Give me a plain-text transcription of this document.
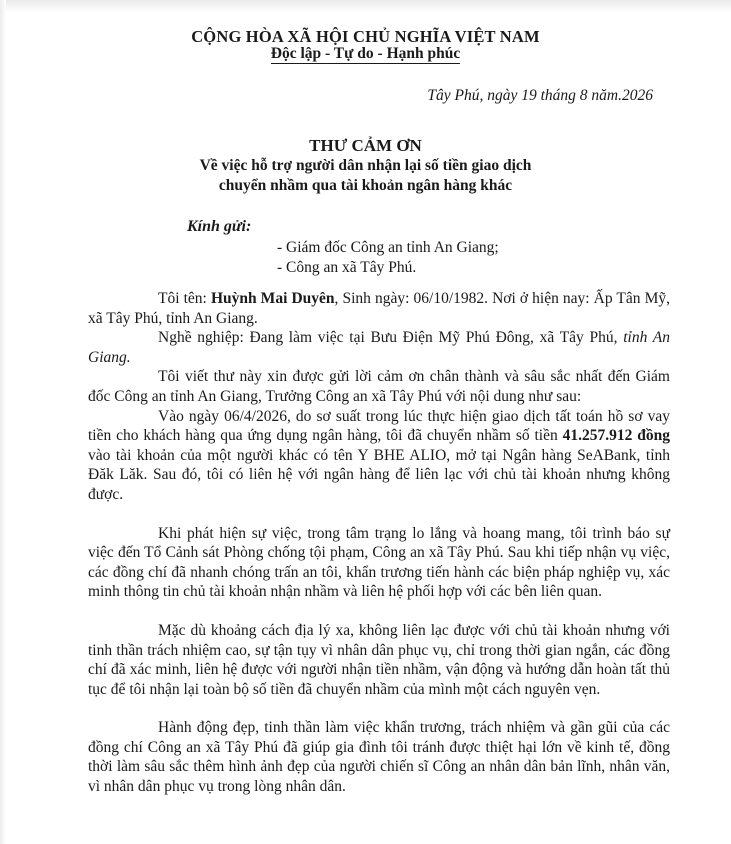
CỘNG HÒA XÃ HỘI CHỦ NGHĨA VIỆT NAM
Độc lập - Tự do - Hạnh phúc
Tây Phú, ngày 19 tháng 8 năm.2026
THƯ CẢM ƠN
Về việc hỗ trợ người dân nhận lại số tiền giao dịch
chuyển nhầm qua tài khoản ngân hàng khác
Kính gửi:
- Giám đốc Công an tỉnh An Giang;
- Công an xã Tây Phú.

Tôi tên: Huỳnh Mai Duyên, Sinh ngày: 06/10/1982. Nơi ở hiện nay: Ấp Tân Mỹ, xã Tây Phú, tỉnh An Giang.

Nghề nghiệp: Đang làm việc tại Bưu Điện Mỹ Phú Đông, xã Tây Phú, tỉnh An Giang.

Tôi viết thư này xin được gửi lời cảm ơn chân thành và sâu sắc nhất đến Giám đốc Công an tỉnh An Giang, Trưởng Công an xã Tây Phú với nội dung như sau:

Vào ngày 06/4/2026, do sơ suất trong lúc thực hiện giao dịch tất toán hồ sơ vay tiền cho khách hàng qua ứng dụng ngân hàng, tôi đã chuyển nhầm số tiền 41.257.912 đồng vào tài khoản của một người khác có tên Y BHE ALIO, mở tại Ngân hàng SeABank, tỉnh Đăk Lăk. Sau đó, tôi có liên hệ với ngân hàng để liên lạc với chủ tài khoản nhưng không được.

Khi phát hiện sự việc, trong tâm trạng lo lắng và hoang mang, tôi trình báo sự việc đến Tổ Cảnh sát Phòng chống tội phạm, Công an xã Tây Phú. Sau khi tiếp nhận vụ việc, các đồng chí đã nhanh chóng trấn an tôi, khẩn trương tiến hành các biện pháp nghiệp vụ, xác minh thông tin chủ tài khoản nhận nhầm và liên hệ phối hợp với các bên liên quan.

Mặc dù khoảng cách địa lý xa, không liên lạc được với chủ tài khoản nhưng với tinh thần trách nhiệm cao, sự tận tụy vì nhân dân phục vụ, chỉ trong thời gian ngắn, các đồng chí đã xác minh, liên hệ được với người nhận tiền nhầm, vận động và hướng dẫn hoàn tất thủ tục để tôi nhận lại toàn bộ số tiền đã chuyển nhầm của mình một cách nguyên vẹn.

Hành động đẹp, tinh thần làm việc khẩn trương, trách nhiệm và gần gũi của các đồng chí Công an xã Tây Phú đã giúp gia đình tôi tránh được thiệt hại lớn về kinh tế, đồng thời làm sâu sắc thêm hình ảnh đẹp của người chiến sĩ Công an nhân dân bản lĩnh, nhân văn, vì nhân dân phục vụ trong lòng nhân dân.
